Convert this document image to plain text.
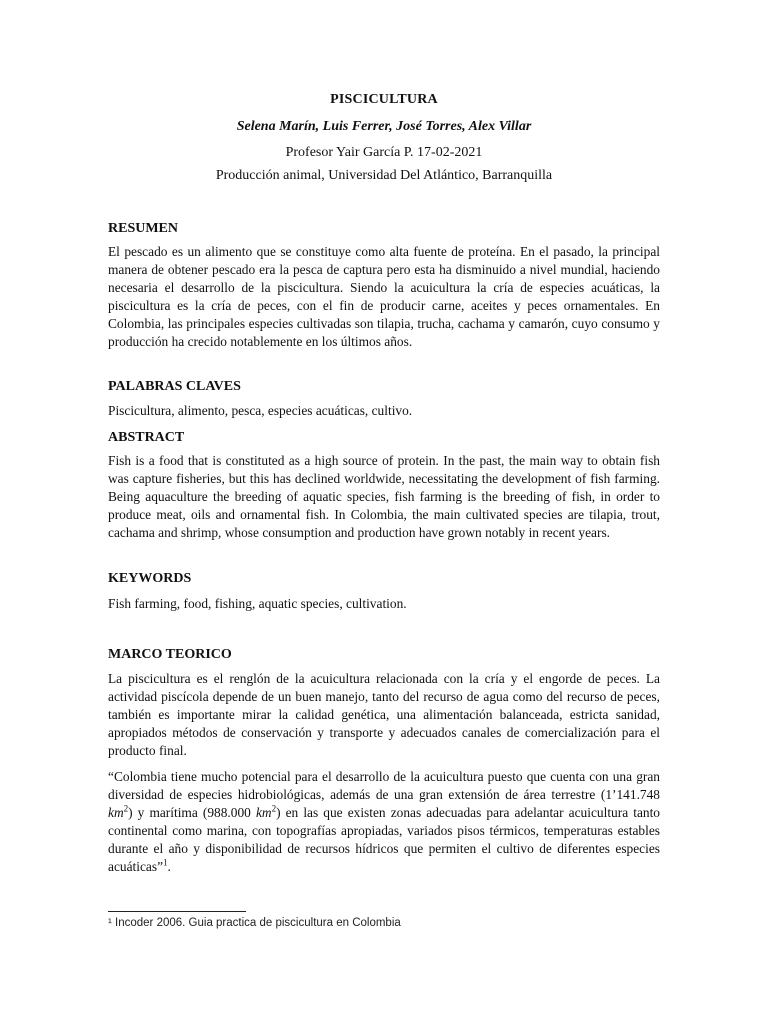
PISCICULTURA
Selena Marín, Luis Ferrer, José Torres, Alex Villar
Profesor Yair García P. 17-02-2021
Producción animal, Universidad Del Atlántico, Barranquilla

RESUMEN

El pescado es un alimento que se constituye como alta fuente de proteína. En el pasado, la principal manera de obtener pescado era la pesca de captura pero esta ha disminuido a nivel mundial, haciendo necesaria el desarrollo de la piscicultura. Siendo la acuicultura la cría de especies acuáticas, la piscicultura es la cría de peces, con el fin de producir carne, aceites y peces ornamentales. En Colombia, las principales especies cultivadas son tilapia, trucha, cachama y camarón, cuyo consumo y producción ha crecido notablemente en los últimos años.

PALABRAS CLAVES

Piscicultura, alimento, pesca, especies acuáticas, cultivo.

ABSTRACT

Fish is a food that is constituted as a high source of protein. In the past, the main way to obtain fish was capture fisheries, but this has declined worldwide, necessitating the development of fish farming. Being aquaculture the breeding of aquatic species, fish farming is the breeding of fish, in order to produce meat, oils and ornamental fish. In Colombia, the main cultivated species are tilapia, trout, cachama and shrimp, whose consumption and production have grown notably in recent years.

KEYWORDS

Fish farming, food, fishing, aquatic species, cultivation.

MARCO TEORICO

La piscicultura es el renglón de la acuicultura relacionada con la cría y el engorde de peces. La actividad piscícola depende de un buen manejo, tanto del recurso de agua como del recurso de peces, también es importante mirar la calidad genética, una alimentación balanceada, estricta sanidad, apropiados métodos de conservación y transporte y adecuados canales de comercialización para el producto final.

“Colombia tiene mucho potencial para el desarrollo de la acuicultura puesto que cuenta con una gran diversidad de especies hidrobiológicas, además de una gran extensión de área terrestre (1’141.748 $km^2$) y marítima (988.000 $km^2$) en las que existen zonas adecuadas para adelantar acuicultura tanto continental como marina, con topografías apropiadas, variados pisos térmicos, temperaturas estables durante el año y disponibilidad de recursos hídricos que permiten el cultivo de diferentes especies acuáticas”$^1$.

¹ Incoder 2006. Guia practica de piscicultura en Colombia
